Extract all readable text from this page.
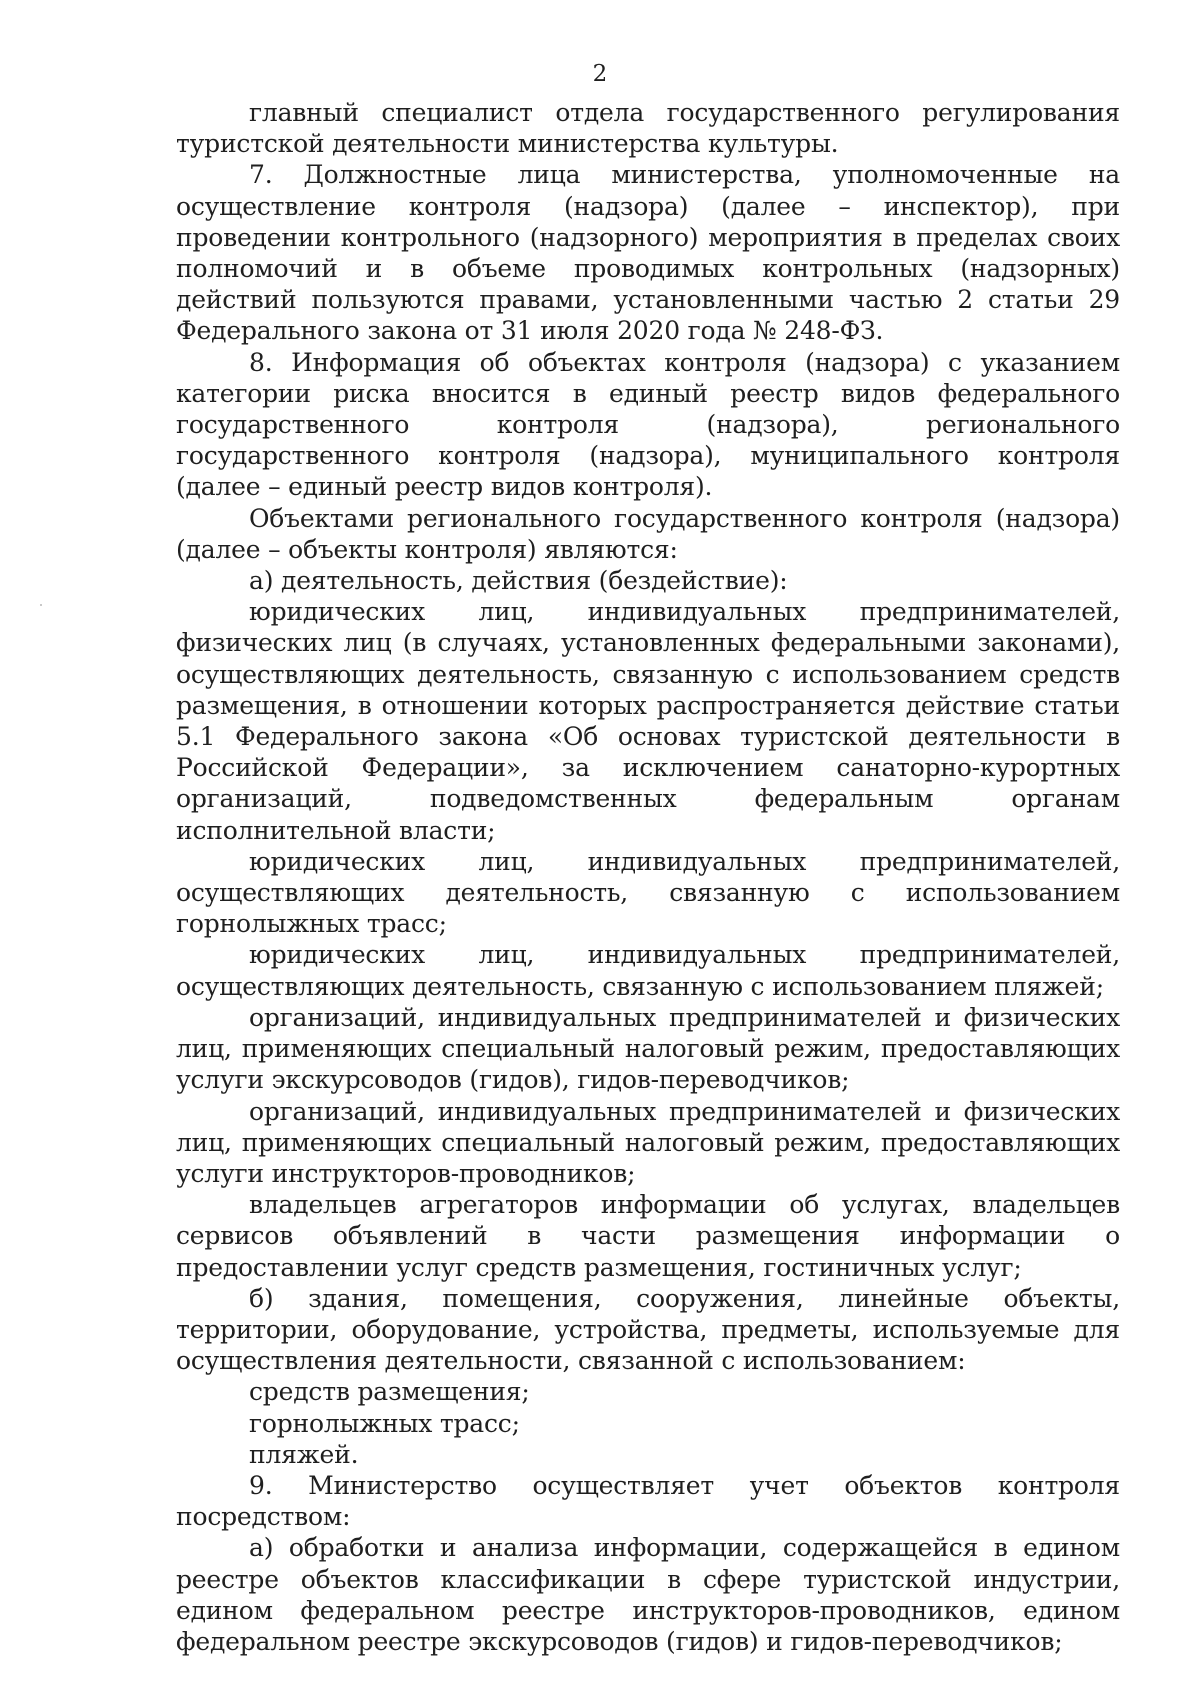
2

главный специалист отдела государственного регулирования туристской деятельности министерства культуры.

7. Должностные лица министерства, уполномоченные на осуществление контроля (надзора) (далее – инспектор), при проведении контрольного (надзорного) мероприятия в пределах своих полномочий и в объеме проводимых контрольных (надзорных) действий пользуются правами, установленными частью 2 статьи 29 Федерального закона от 31 июля 2020 года № 248-ФЗ.

8. Информация об объектах контроля (надзора) с указанием категории риска вносится в единый реестр видов федерального государственного контроля (надзора), регионального государственного контроля (надзора), муниципального контроля (далее – единый реестр видов контроля).

Объектами регионального государственного контроля (надзора) (далее – объекты контроля) являются:

а) деятельность, действия (бездействие):

юридических лиц, индивидуальных предпринимателей, физических лиц (в случаях, установленных федеральными законами), осуществляющих деятельность, связанную с использованием средств размещения, в отношении которых распространяется действие статьи 5.1 Федерального закона «Об основах туристской деятельности в Российской Федерации», за исключением санаторно-курортных организаций, подведомственных федеральным органам исполнительной власти;

юридических лиц, индивидуальных предпринимателей, осуществляющих деятельность, связанную с использованием горнолыжных трасс;

юридических лиц, индивидуальных предпринимателей, осуществляющих деятельность, связанную с использованием пляжей;

организаций, индивидуальных предпринимателей и физических лиц, применяющих специальный налоговый режим, предоставляющих услуги экскурсоводов (гидов), гидов-переводчиков;

организаций, индивидуальных предпринимателей и физических лиц, применяющих специальный налоговый режим, предоставляющих услуги инструкторов-проводников;

владельцев агрегаторов информации об услугах, владельцев сервисов объявлений в части размещения информации о предоставлении услуг средств размещения, гостиничных услуг;

б) здания, помещения, сооружения, линейные объекты, территории, оборудование, устройства, предметы, используемые для осуществления деятельности, связанной с использованием:

средств размещения;

горнолыжных трасс;

пляжей.

9. Министерство осуществляет учет объектов контроля посредством:

а) обработки и анализа информации, содержащейся в едином реестре объектов классификации в сфере туристской индустрии, едином федеральном реестре инструкторов-проводников, едином федеральном реестре экскурсоводов (гидов) и гидов-переводчиков;
